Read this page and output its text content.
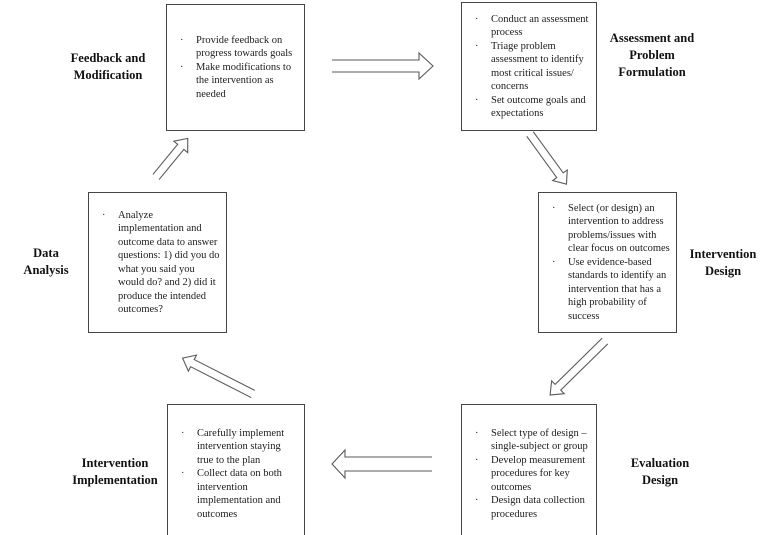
Feedback and
Modification
· Provide feedback on progress towards goals
· Make modifications to the intervention as needed
· Conduct an assessment process
· Triage problem assessment to identify most critical issues/​concerns
· Set outcome goals and expectations
Assessment and
Problem
Formulation
· Select (or design) an intervention to address problems/​issues with clear focus on outcomes
· Use evidence-based standards to identify an intervention that has a high probability of success
Intervention
Design
· Select type of design – single-subject or group
· Develop measurement procedures for key outcomes
· Design data collection procedures
Evaluation
Design
Intervention
Implementation
· Carefully implement intervention staying true to the plan
· Collect data on both intervention implementation and outcomes
Data
Analysis
· Analyze implementation and outcome data to answer questions: 1) did you do what you said you would do? and 2) did it produce the intended outcomes?
